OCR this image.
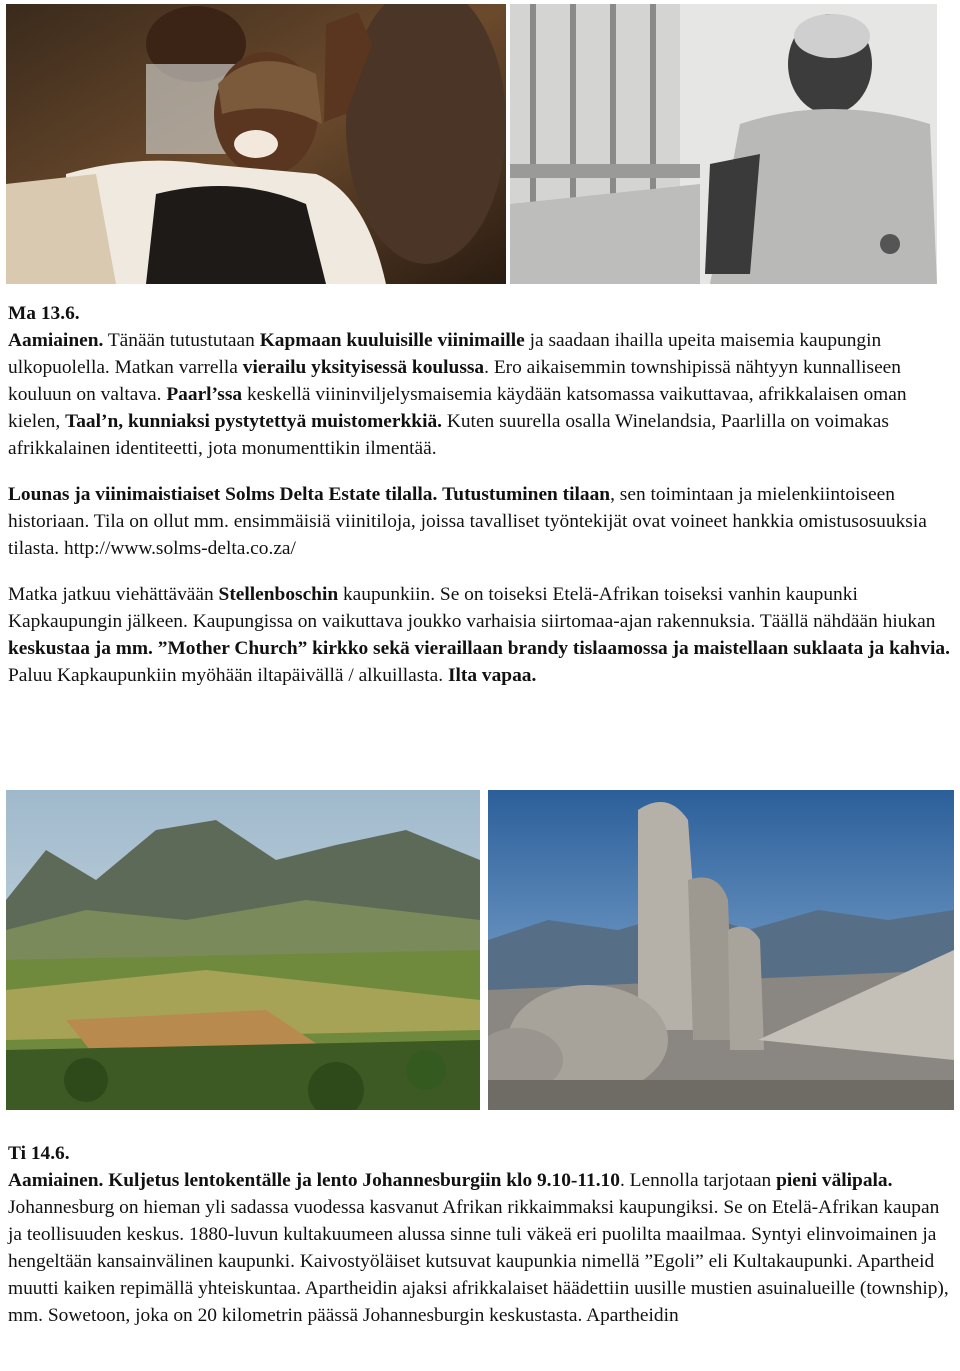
Ma 13.6.

Aamiainen. Tänään tutustutaan Kapmaan kuuluisille viinimaille ja saadaan ihailla upeita maisemia kaupungin ulkopuolella. Matkan varrella vierailu yksityisessä koulussa. Ero aikaisemmin townshipissä nähtyyn kunnalliseen kouluun on valtava. Paarl’ssa keskellä viininviljelysmaisemia käydään katsomassa vaikuttavaa, afrikkalaisen oman kielen, Taal’n, kunniaksi pystytettyä muistomerkkiä. Kuten suurella osalla Winelandsia, Paarlilla on voimakas afrikkalainen identiteetti, jota monumenttikin ilmentää.

Lounas ja viinimaistiaiset Solms Delta Estate tilalla. Tutustuminen tilaan, sen toimintaan ja mielenkiintoiseen historiaan. Tila on ollut mm. ensimmäisiä viinitiloja, joissa tavalliset työntekijät ovat voineet hankkia omistusosuuksia tilasta. http://www.solms-delta.co.za/

Matka jatkuu viehättävään Stellenboschin kaupunkiin. Se on toiseksi Etelä-Afrikan toiseksi vanhin kaupunki Kapkaupungin jälkeen. Kaupungissa on vaikuttava joukko varhaisia siirtomaa-ajan rakennuksia. Täällä nähdään hiukan keskustaa ja mm. ”Mother Church” kirkko sekä vieraillaan brandy tislaamossa ja maistellaan suklaata ja kahvia. Paluu Kapkaupunkiin myöhään iltapäivällä / alkuillasta. Ilta vapaa.

Ti 14.6.

Aamiainen. Kuljetus lentokentälle ja lento Johannesburgiin klo 9.10-11.10. Lennolla tarjotaan pieni välipala. Johannesburg on hieman yli sadassa vuodessa kasvanut Afrikan rikkaimmaksi kaupungiksi. Se on Etelä-Afrikan kaupan ja teollisuuden keskus. 1880-luvun kultakuumeen alussa sinne tuli väkeä eri puolilta maailmaa. Syntyi elinvoimainen ja hengeltään kansainvälinen kaupunki. Kaivostyöläiset kutsuvat kaupunkia nimellä ”Egoli” eli Kultakaupunki. Apartheid muutti kaiken repimällä yhteiskuntaa. Apartheidin ajaksi afrikkalaiset häädettiin uusille mustien asuinalueille (township), mm. Sowetoon, joka on 20 kilometrin päässä Johannesburgin keskustasta. Apartheidin
